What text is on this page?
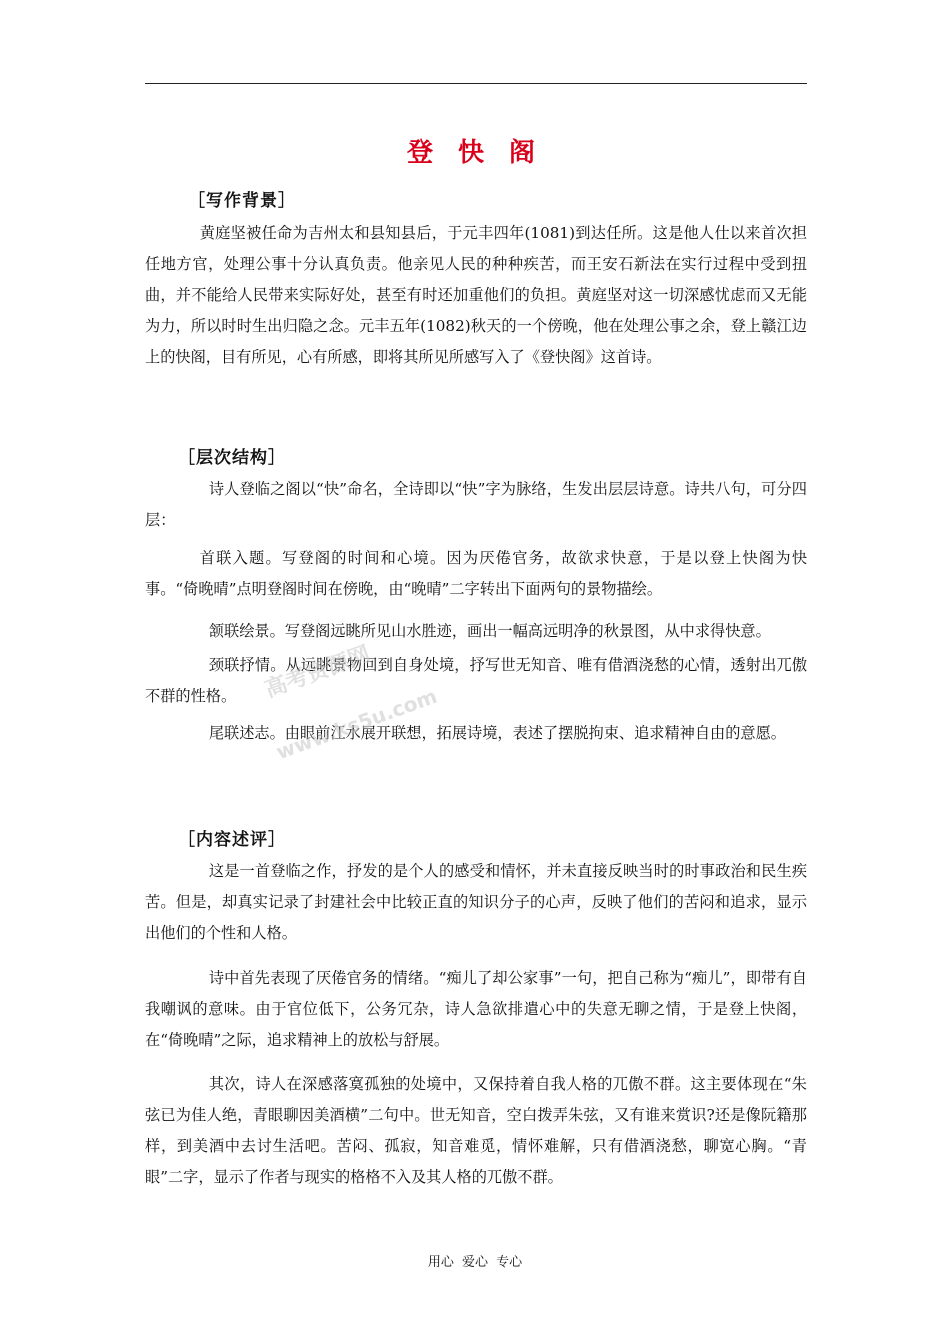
登 快 阁
［写作背景］
黄庭坚被任命为吉州太和县知县后，于元丰四年(1081)到达任所。这是他人仕以来首次担任地方官，处理公事十分认真负责。他亲见人民的种种疾苦，而王安石新法在实行过程中受到扭曲，并不能给人民带来实际好处，甚至有时还加重他们的负担。黄庭坚对这一切深感忧虑而又无能为力，所以时时生出归隐之念。元丰五年(1082)秋天的一个傍晚，他在处理公事之余，登上赣江边上的快阁，目有所见，心有所感，即将其所见所感写入了《登快阁》这首诗。
［层次结构］
诗人登临之阁以“快”命名，全诗即以“快”字为脉络，生发出层层诗意。诗共八句，可分四层：
首联入题。写登阁的时间和心境。因为厌倦官务，故欲求快意，于是以登上快阁为快事。“倚晚晴”点明登阁时间在傍晚，由“晚晴”二字转出下面两句的景物描绘。
颔联绘景。写登阁远眺所见山水胜迹，画出一幅高远明净的秋景图，从中求得快意。
颈联抒情。从远眺景物回到自身处境，抒写世无知音、唯有借酒浇愁的心情，透射出兀傲不群的性格。
尾联述志。由眼前江水展开联想，拓展诗境，表述了摆脱拘束、追求精神自由的意愿。
［内容述评］
这是一首登临之作，抒发的是个人的感受和情怀，并未直接反映当时的时事政治和民生疾苦。但是，却真实记录了封建社会中比较正直的知识分子的心声，反映了他们的苦闷和追求，显示出他们的个性和人格。
诗中首先表现了厌倦官务的情绪。“痴儿了却公家事”一句，把自己称为“痴儿”，即带有自我嘲讽的意味。由于官位低下，公务冗杂，诗人急欲排遣心中的失意无聊之情，于是登上快阁，在“倚晚晴”之际，追求精神上的放松与舒展。
其次，诗人在深感落寞孤独的处境中，又保持着自我人格的兀傲不群。这主要体现在“朱弦已为佳人绝，青眼聊因美酒横”二句中。世无知音，空白拨弄朱弦，又有谁来赏识?还是像阮籍那样，到美酒中去讨生活吧。苦闷、孤寂，知音难觅，情怀难解，只有借酒浇愁，聊宽心胸。“青眼”二字，显示了作者与现实的格格不入及其人格的兀傲不群。
高考资源网
www.ks5u.com
用心 爱心 专心
